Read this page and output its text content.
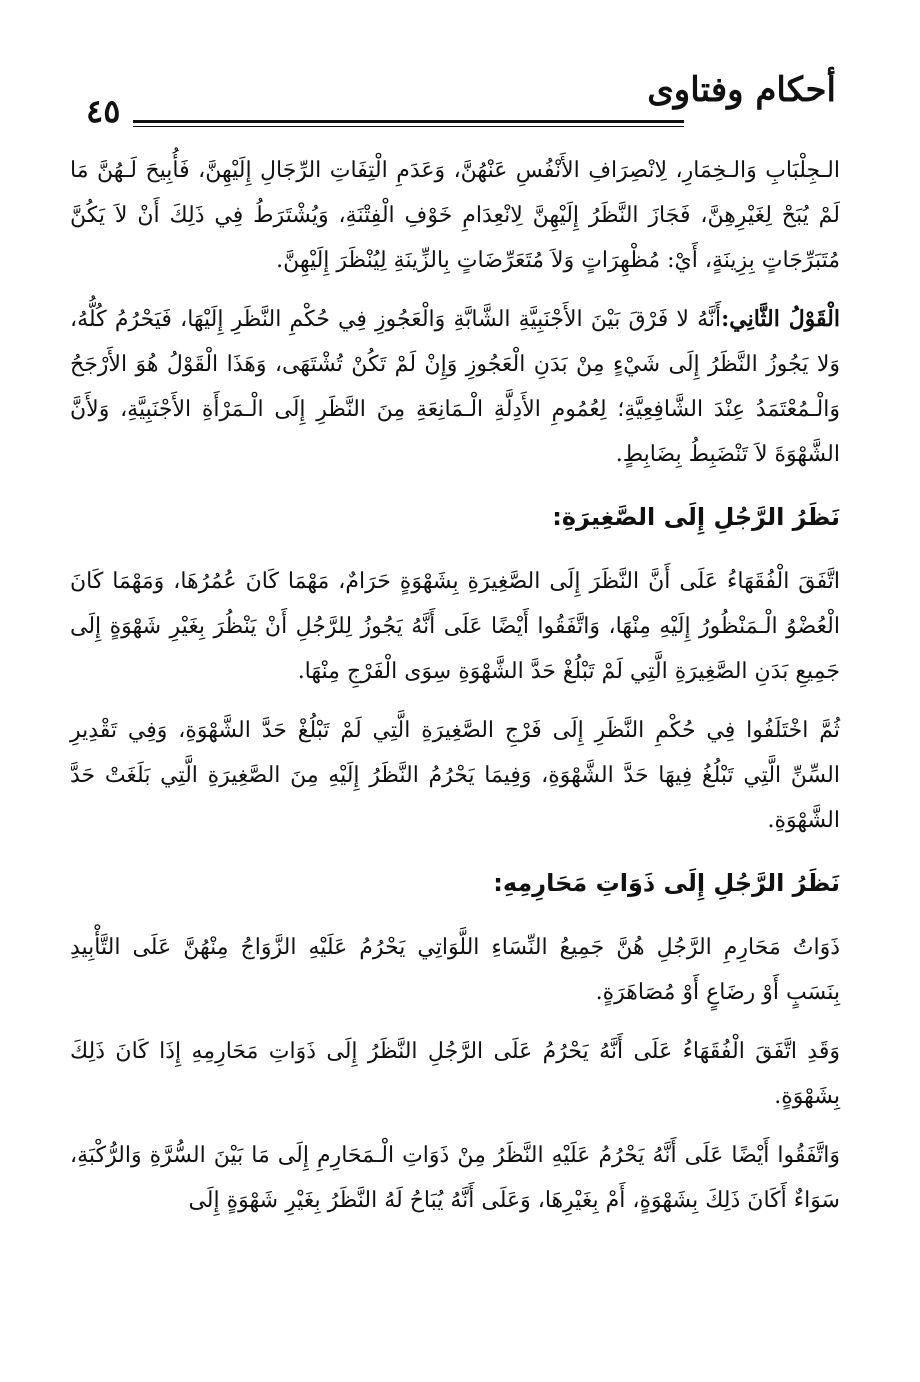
٤٥
أحكام وفتاوى

الـجِلْبَابِ وَالـخِمَارِ، لِانْصِرَافِ الأَنْفُسِ عَنْهُنَّ، وَعَدَمِ الْتِفَاتِ الرِّجَالِ إِلَيْهِنَّ، فَأُبِيحَ لَـهُنَّ مَا لَمْ يُبَحْ لِغَيْرِهِنَّ، فَجَازَ النَّظَرُ إِلَيْهِنَّ لِانْعِدَامِ خَوْفِ الْفِتْنَةِ، وَيُشْتَرَطُ فِي ذَلِكَ أَنْ لاَ يَكُنَّ مُتَبَرِّجَاتٍ بِزِينَةٍ، أَيْ: مُظْهِرَاتٍ وَلاَ مُتَعَرِّضَاتٍ بِالزِّينَةِ لِيُنْظَرَ إِلَيْهِنَّ.

الْقَوْلُ الثَّانِي:أَنَّهُ لا فَرْقَ بَيْنَ الأَجْنَبِيَّةِ الشَّابَّةِ وَالْعَجُوزِ فِي حُكْمِ النَّظَرِ إِلَيْهَا، فَيَحْرُمُ كُلُّهُ، وَلا يَجُوزُ النَّظَرُ إِلَى شَيْءٍ مِنْ بَدَنِ الْعَجُوزِ وَإِنْ لَمْ تَكُنْ تُشْتَهَى، وَهَذَا الْقَوْلُ هُوَ الأَرْجَحُ وَالْـمُعْتَمَدُ عِنْدَ الشَّافِعِيَّةِ؛ لِعُمُومِ الأَدِلَّةِ الْـمَانِعَةِ مِنَ النَّظَرِ إِلَى الْـمَرْأَةِ الأَجْنَبِيَّةِ، وَلأَنَّ الشَّهْوَةَ لاَ تَنْضَبِطُ بِضَابِطٍ.

نَظَرُ الرَّجُلِ إِلَى الصَّغِيرَةِ:

اتَّفَقَ الْفُقَهَاءُ عَلَى أَنَّ النَّظَرَ إِلَى الصَّغِيرَةِ بِشَهْوَةٍ حَرَامٌ، مَهْمَا كَانَ عُمُرُهَا، وَمَهْمَا كَانَ الْعُضْوُ الْـمَنْظُورُ إِلَيْهِ مِنْهَا، وَاتَّفَقُوا أَيْضًا عَلَى أَنَّهُ يَجُوزُ لِلرَّجُلِ أَنْ يَنْظُرَ بِغَيْرِ شَهْوَةٍ إِلَى جَمِيعِ بَدَنِ الصَّغِيرَةِ الَّتِي لَمْ تَبْلُغْ حَدَّ الشَّهْوَةِ سِوَى الْفَرْجِ مِنْهَا.

ثُمَّ اخْتَلَفُوا فِي حُكْمِ النَّظَرِ إِلَى فَرْجِ الصَّغِيرَةِ الَّتِي لَمْ تَبْلُغْ حَدَّ الشَّهْوَةِ، وَفِي تَقْدِيرِ السِّنِّ الَّتِي تَبْلُغُ فِيهَا حَدَّ الشَّهْوَةِ، وَفِيمَا يَحْرُمُ النَّظَرُ إِلَيْهِ مِنَ الصَّغِيرَةِ الَّتِي بَلَغَتْ حَدَّ الشَّهْوَةِ.

نَظَرُ الرَّجُلِ إِلَى ذَوَاتِ مَحَارِمِهِ:

ذَوَاتُ مَحَارِمِ الرَّجُلِ هُنَّ جَمِيعُ النِّسَاءِ اللَّوَاتِي يَحْرُمُ عَلَيْهِ الزَّوَاجُ مِنْهُنَّ عَلَى التَّأْبِيدِ بِنَسَبٍ أَوْ رضَاعٍ أَوْ مُصَاهَرَةٍ.

وَقَدِ اتَّفَقَ الْفُقَهَاءُ عَلَى أَنَّهُ يَحْرُمُ عَلَى الرَّجُلِ النَّظَرُ إِلَى ذَوَاتِ مَحَارِمِهِ إِذَا كَانَ ذَلِكَ بِشَهْوَةٍ.

وَاتَّفَقُوا أَيْضًا عَلَى أَنَّهُ يَحْرُمُ عَلَيْهِ النَّظَرُ مِنْ ذَوَاتِ الْـمَحَارِمِ إِلَى مَا بَيْنَ السُّرَّةِ وَالرُّكْبَةِ، سَوَاءٌ أَكَانَ ذَلِكَ بِشَهْوَةٍ، أَمْ بِغَيْرِهَا، وَعَلَى أَنَّهُ يُبَاحُ لَهُ النَّظَرُ بِغَيْرِ شَهْوَةٍ إِلَى
